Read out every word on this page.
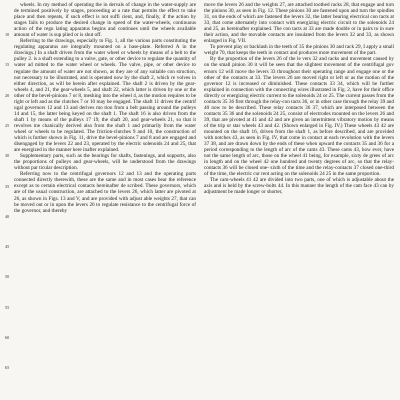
10
15
20
25
30
35
40
45
50
55
60
65

wheels. In my method of operating the in dervals of change in the water-supply are de termined positively by stages, proceeding at a rate that permits the effect to take place and then repeats, if such effect is not suffi cient, and, finally, if the action by stages fails to produce the desired change in speed of the water-wheels, continuous action of the regu lating apparatus begins and continues until the wheels available amount of water is sup plied or is shut off.

Referring to the drawings, especially to Fig. 1, all the various parts constituting the regulating apparatus are integrally mounted on a base-plate. Referred A in the drawings.) In a shaft driven from the water wheel or wheels by means of a belt to the pulley 2. is a shaft extending to a valve, gate, or other device to regulate the quantity of water ad mitted to the water wheel or wheels. The valve, pipe, or other device to regulate the amount of water are not shown, as they are of any suitable con struction, not necessary to be illustrated, and is operated now by the shaft 2, which re volves in either direction, as will be herein after explained. The shaft 2 is driven by the gear-wheels 4, and 21, the gear-wheels 5, and shaft 22, which latter is driven by one or the other of the bevel-pinions 7 or 8, meshing into the wheel 4, as the motion requires to be right or left and as the clutches 7 or 10 may be engaged. The shaft 11 drives the centrif ugal governors 12 and 13 and derives mo tion from a belt passing around the pulleys 14 and 15, the latter being keyed on the shaft 1. The shaft 16 is also driven from the shaft 1 by means of the pulleys 17 19, the shaft 20, and gear-wheels 21, so that it revolves me chanically derived also from the shaft 1 and primarily from the water wheel or wheels to be regulated. The friction-clutches 9 and 10, the construction of which is further shown in Fig. 11, drive the bevel-pinions 7 and 8 and are engaged and disengaged by the levers 22 and 23, operated by the electric solenoids 24 and 25, that are energized in the manner here inafter explained.

Supplementary parts, such as the bearings for shafts, fastenings, and supports, also the proportions of pulleys and gear-wheels, will be understood from the drawings without par ticular description.

Referring now to the centrifugal governors 12 and 13 and the operating parts connected directly therewith, these are the same and in most cases bear the reference except as to certain electrical contacts hereinafter de scribed. These governors, which are of the usual construction, are attached to the levers 26, which latter are pivoted at 26, as shown in Figs. 13 and V, and are provided with adjust able weights 27, that can be moved out or in upon the levers 26 to regulate resistance to the centrifugal force of the governor, and thereby

move the levers 26 and the weights 27, are attached toothed racks 28, that engage and turn the pinions 30, as seen in Fig. 12. These pinions 30 are fastened upon and turn the spindles 31, on the ends of which are fastened the levers 32, the latter bearing electrical con tacts at 33, that come alternately into contact with energizing electric circuit to the solenoids 24 and 25, as hereinafter explained. The con tacts at 33 are made double or in pairs to in sure their action, and the movable contacts are insulated from the levers 32 and 33, as shown enlarged in Fig. VII.

To prevent play or backlash in the teeth of 35 the pinions 30 and rack 29, I apply a small weight 70, that keeps the teeth in contact and produces more movement of the part.

By the proportion of the levers 26 of the le vers 32 and racks and movement caused by on the small pinion 30 it will be seen that the slightest movement of the centrifugal gov ernors 12 will move the levers 33 throughout their operating range and engage one or the other of the contacts at 33. The levers 26 are moved right or left or as the motion of the governor 12 is increased or diminished. These contacts 33 34, which will be further explained in connection with the connecting wires illustrated in Fig. 2, have for their office directly or energizing electric current to the solenoids 24 or 25. The current passes from the contacts 35 36 first through the relay-con tacts 36, or in other case through the relay 39 and 40 now to be described. These relay contacts 36 37, which are interposed between the contacts 35 36 and the solenoids 24 25, consist of electrodes mounted on the levers 26 and 39, that are pivoted at 41 and 42 and are given an intermittent vibratory motion by means of the trip or star wheels 43 and 42. (Shown enlarged in Fig. IV.) These wheels 43 42 are mounted on the shaft 16, driven from the shaft 1, as before described, and are provided with notches 43, as seen in Fig. IV, that come in contact at each revolution with the levers 37 38, and are drawn down by the ends of these when upward the contacts 35 and 36 for a period corresponding to the length of arc of the cams 43. These cams 43, how ever, have not the same length of arc, those on the wheel 41 being, for example, sixty de grees of arc in length and on the wheel 42 one hundred and twenty degrees of arc, so that the relay-contacts 36 will be closed one- sixth of the time and the relay-contacts 37 closed one-third of the time, the electric cur rent acting on the solenoids 24 25 in the same proportion.

The cam-wheels 41 42 are divided into two parts, one of which is adjustable about the axis and is held by the screw-bolts 44. In this manner the length of the cam face 43 can by adjustment be made longer or shorter,
